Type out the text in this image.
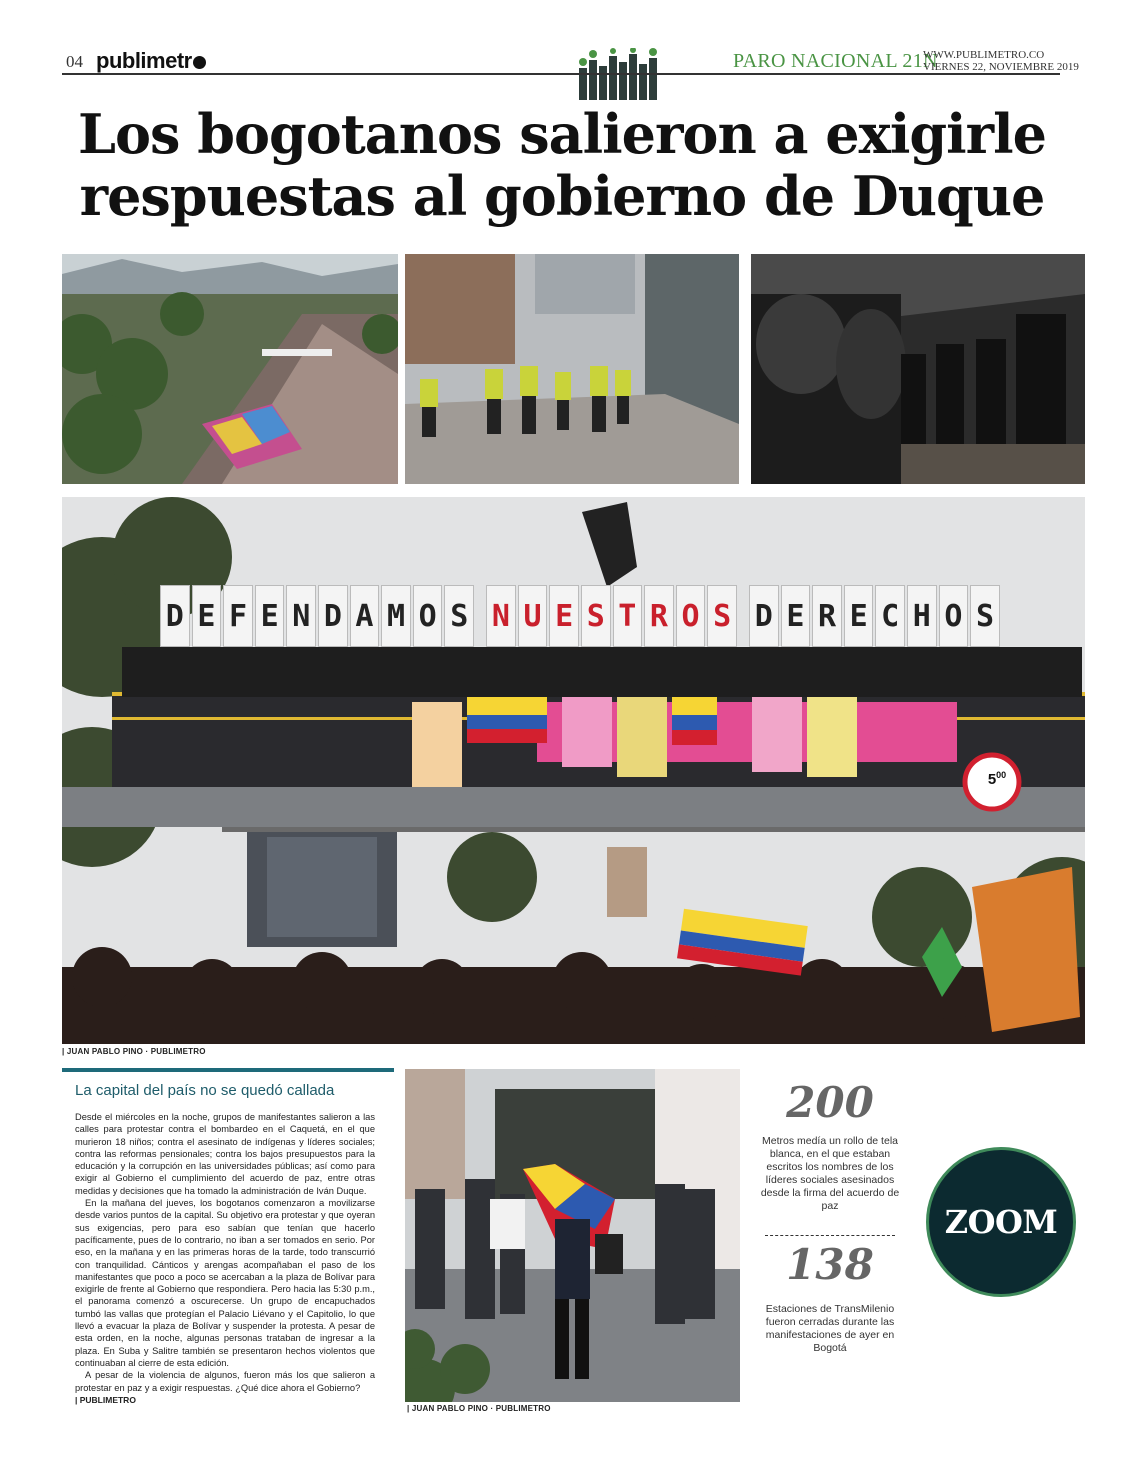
04 publimetr	PARO NACIONAL 21N
WWW.PUBLIMETRO.CO
VIERNES 22, NOVIEMBRE 2019
Los bogotanos salieron a exigirle
respuestas al gobierno de Duque
D E F E N D A M O S N U E S T R O S D E R E C H O S
$5^{00}$
| JUAN PABLO PINO · PUBLIMETRO
La capital del país no se quedó callada

Desde el miércoles en la noche, grupos de manifestantes salieron a las calles para protestar contra el bombardeo en el Caquetá, en el que murieron 18 niños; contra el asesinato de indígenas y líderes sociales; contra las reformas pensionales; contra los bajos presupuestos para la educación y la corrupción en las universidades públicas; así como para exigir al Gobierno el cumplimiento del acuerdo de paz, entre otras medidas y decisiones que ha tomado la administración de Iván Duque.

En la mañana del jueves, los bogotanos comenzaron a movilizarse desde varios puntos de la capital. Su objetivo era protestar y que oyeran sus exigencias, pero para eso sabían que tenían que hacerlo pacíficamente, pues de lo contrario, no iban a ser tomados en serio. Por eso, en la mañana y en las primeras horas de la tarde, todo transcurrió con tranquilidad. Cánticos y arengas acompañaban el paso de los manifestantes que poco a poco se acercaban a la plaza de Bolívar para exigirle de frente al Gobierno que respondiera. Pero hacia las 5:30 p.m., el panorama comenzó a oscurecerse. Un grupo de encapuchados tumbó las vallas que protegían el Palacio Liévano y el Capitolio, lo que llevó a evacuar la plaza de Bolívar y suspender la protesta. A pesar de esta orden, en la noche, algunas personas trataban de ingresar a la plaza. En Suba y Salitre también se presentaron hechos violentos que continuaban al cierre de esta edición.

A pesar de la violencia de algunos, fueron más los que salieron a protestar en paz y a exigir respuestas. ¿Qué dice ahora el Gobierno?

| PUBLIMETRO
| JUAN PABLO PINO · PUBLIMETRO
200
Metros medía un rollo de tela blanca, en el que estaban escritos los nombres de los líderes sociales asesinados desde la firma del acuerdo de paz
138
Estaciones de TransMilenio fueron cerradas durante las manifestaciones de ayer en Bogotá
ZOOM
